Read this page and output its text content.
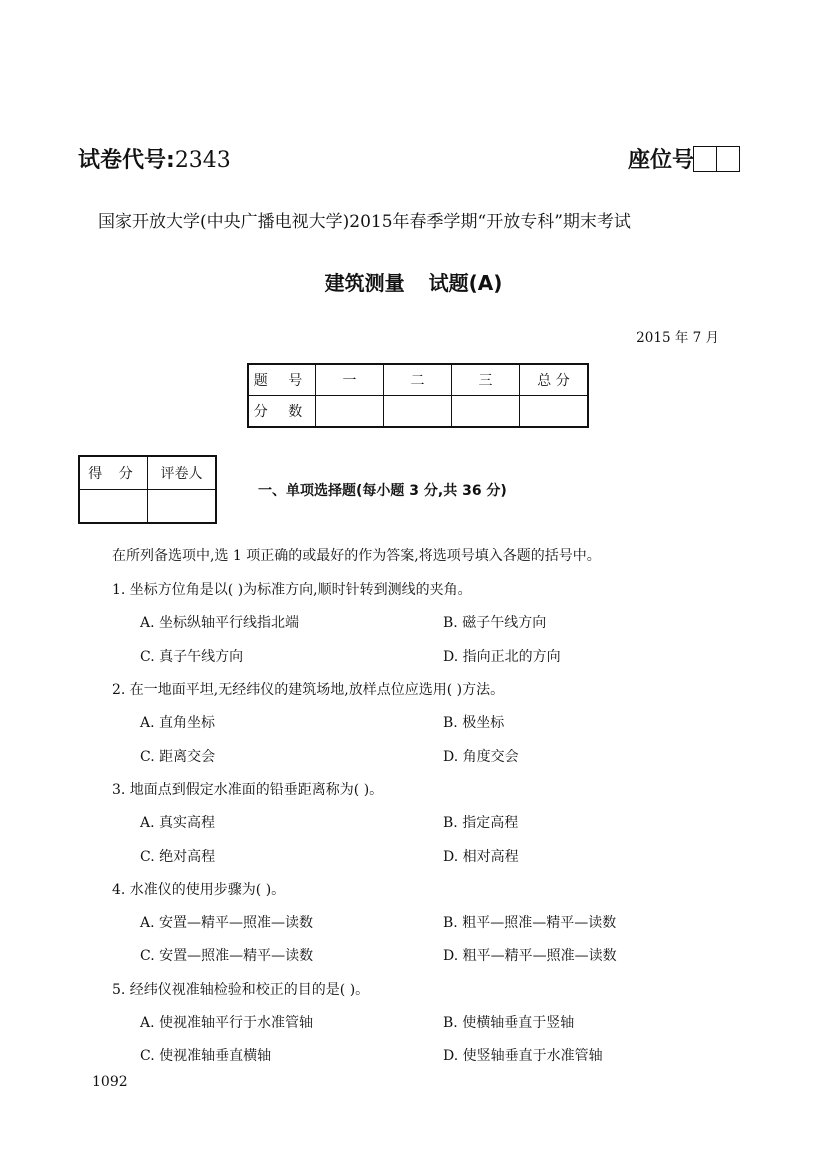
试卷代号:2343	座位号
国家开放大学(中央广播电视大学)2015年春季学期“开放专科”期末考试
建筑测量 试题(A)
2015 年 7 月
题 号	一	二	三	总 分
分 数				
得 分	评卷人

一、单项选择题(每小题 3 分,共 36 分)
在所列备选项中,选 1 项正确的或最好的作为答案,将选项号填入各题的括号中。
1. 坐标方位角是以( )为标准方向,顺时针转到测线的夹角。
A. 坐标纵轴平行线指北端	B. 磁子午线方向
C. 真子午线方向	D. 指向正北的方向
2. 在一地面平坦,无经纬仪的建筑场地,放样点位应选用( )方法。
A. 直角坐标	B. 极坐标
C. 距离交会	D. 角度交会
3. 地面点到假定水准面的铅垂距离称为( )。
A. 真实高程	B. 指定高程
C. 绝对高程	D. 相对高程
4. 水准仪的使用步骤为( )。
A. 安置—精平—照准—读数	B. 粗平—照准—精平—读数
C. 安置—照准—精平—读数	D. 粗平—精平—照准—读数
5. 经纬仪视准轴检验和校正的目的是( )。
A. 使视准轴平行于水准管轴	B. 使横轴垂直于竖轴
C. 使视准轴垂直横轴	D. 使竖轴垂直于水准管轴
1092
